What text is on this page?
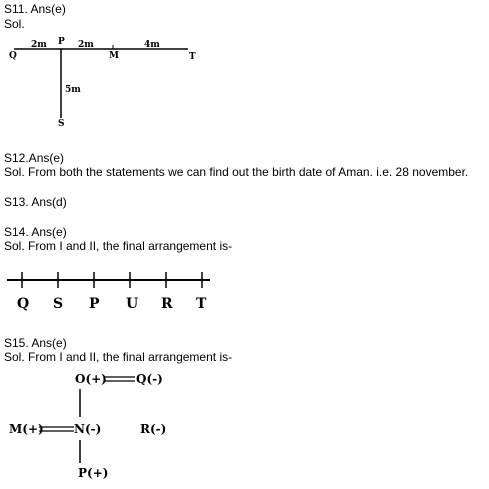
S11. Ans(e)
Sol.
Q
P
M	T
S
2m	2m	4m
5m
S12.Ans(e)
Sol. From both the statements we can find out the birth date of Aman. i.e. 28 november.
S13. Ans(d)
S14. Ans(e)
Sol. From I and II, the final arrangement is-
Q S P U R T
S15. Ans(e)
Sol. From I and II, the final arrangement is-
O(+) Q(-)
M(+)	N(-)	R(-)
P(+)
